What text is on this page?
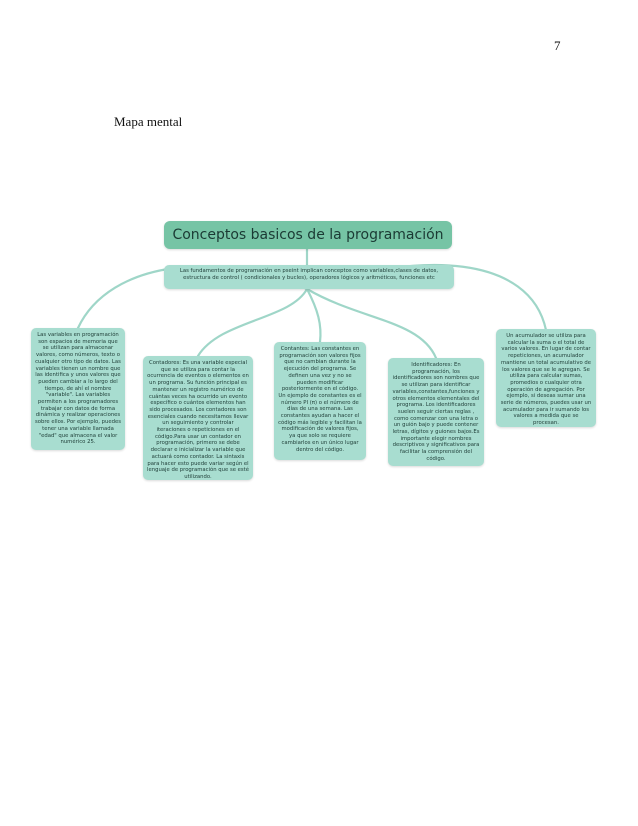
7
Mapa mental
Conceptos basicos de la programación
Las fundamentos de programación en pseint implican conceptos como variables,clases de datos, estructura de control ( condicionales y bucles), operadores lógicos y aritméticos, funciones etc
Las variables en programación son espacios de memoria que se utilizan para almacenar valores, como números, texto o cualquier otro tipo de datos. Las variables tienen un nombre que las identifica y unos valores que pueden cambiar a lo largo del tiempo, de ahí el nombre "variable". Las variables permiten a los programadores trabajar con datos de forma dinámica y realizar operaciones sobre ellos. Por ejemplo, puedes tener una variable llamada "edad" que almacena el valor numérico 25.
Contadores: Es una variable especial que se utiliza para contar la ocurrencia de eventos o elementos en un programa. Su función principal es mantener un registro numérico de cuántas veces ha ocurrido un evento específico o cuántos elementos han sido procesados. Los contadores son esenciales cuando necesitamos llevar un seguimiento y controlar iteraciones o repeticiones en el código.Para usar un contador en programación, primero se debe declarar e inicializar la variable que actuará como contador. La sintaxis para hacer esto puede variar según el lenguaje de programación que se esté utilizando.
Contantes: Las constantes en programación son valores fijos que no cambian durante la ejecución del programa. Se definen una vez y no se pueden modificar posteriormente en el código. Un ejemplo de constantes es el número PI (π) o el número de días de una semana. Las constantes ayudan a hacer el código más legible y facilitan la modificación de valores fijos, ya que solo se requiere cambiarlos en un único lugar dentro del código.
Identificadores: En programación, los identificadores son nombres que se utilizan para identificar variables,constantes,funciones y otros elementos elementales del programa. Los identificadores suelen seguir ciertas reglas , como comenzar con una letra o un guión bajo y puede contener letras, dígitos y guiones bajos.Es importante elegir nombres descriptivos y significativos para facilitar la comprensión del código.
Un acumulador se utiliza para calcular la suma o el total de varios valores. En lugar de contar repeticiones, un acumulador mantiene un total acumulativo de los valores que se le agregan. Se utiliza para calcular sumas, promedios o cualquier otra operación de agregación. Por ejemplo, si deseas sumar una serie de números, puedes usar un acumulador para ir sumando los valores a medida que se procesan.
